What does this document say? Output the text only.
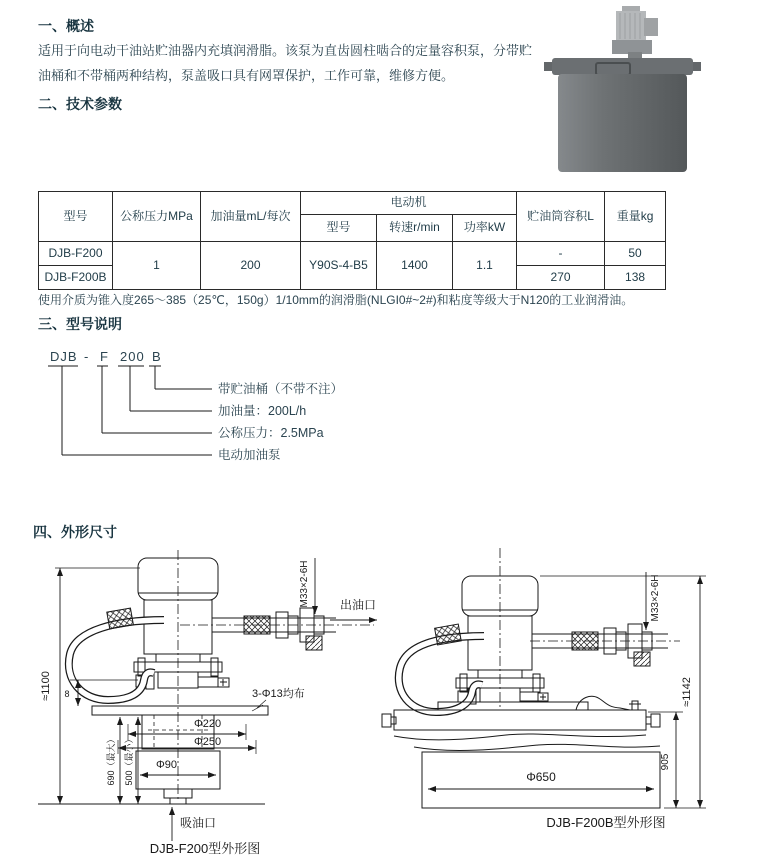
一、概述

适用于向电动干油站贮油器内充填润滑脂。该泵为直齿圆柱啮合的定量容积泵，分带贮油桶和不带桶两种结构，泵盖吸口具有网罩保护，工作可靠，维修方便。

二、技术参数
型号	公称压力MPa	加油量mL/每次	电动机			贮油筒容积L	重量kg
			型号	转速r/min	功率kW		
DJB-F200	1	200	Y90S-4-B5	1400	1.1	-	50
DJB-F200B						270	138

使用介质为锥入度265～385（25℃，150g）1/10mm的润滑脂(NLGI0#~2#)和粘度等级大于N120的工业润滑油。

三、型号说明
DJB - F 200 B
带贮油桶（不带不注）
加油量：200L/h
公称压力：2.5MPa
电动加油泵
四、外形尺寸
≈1100 8
690（最大） 500（最小）
M33×2-6H	出油口
3-Φ13均布
Φ220
Φ250
Φ90
吸油口
DJB-F200型外形图
M33×2-6H
≈1142
905
Φ650
DJB-F200B型外形图
